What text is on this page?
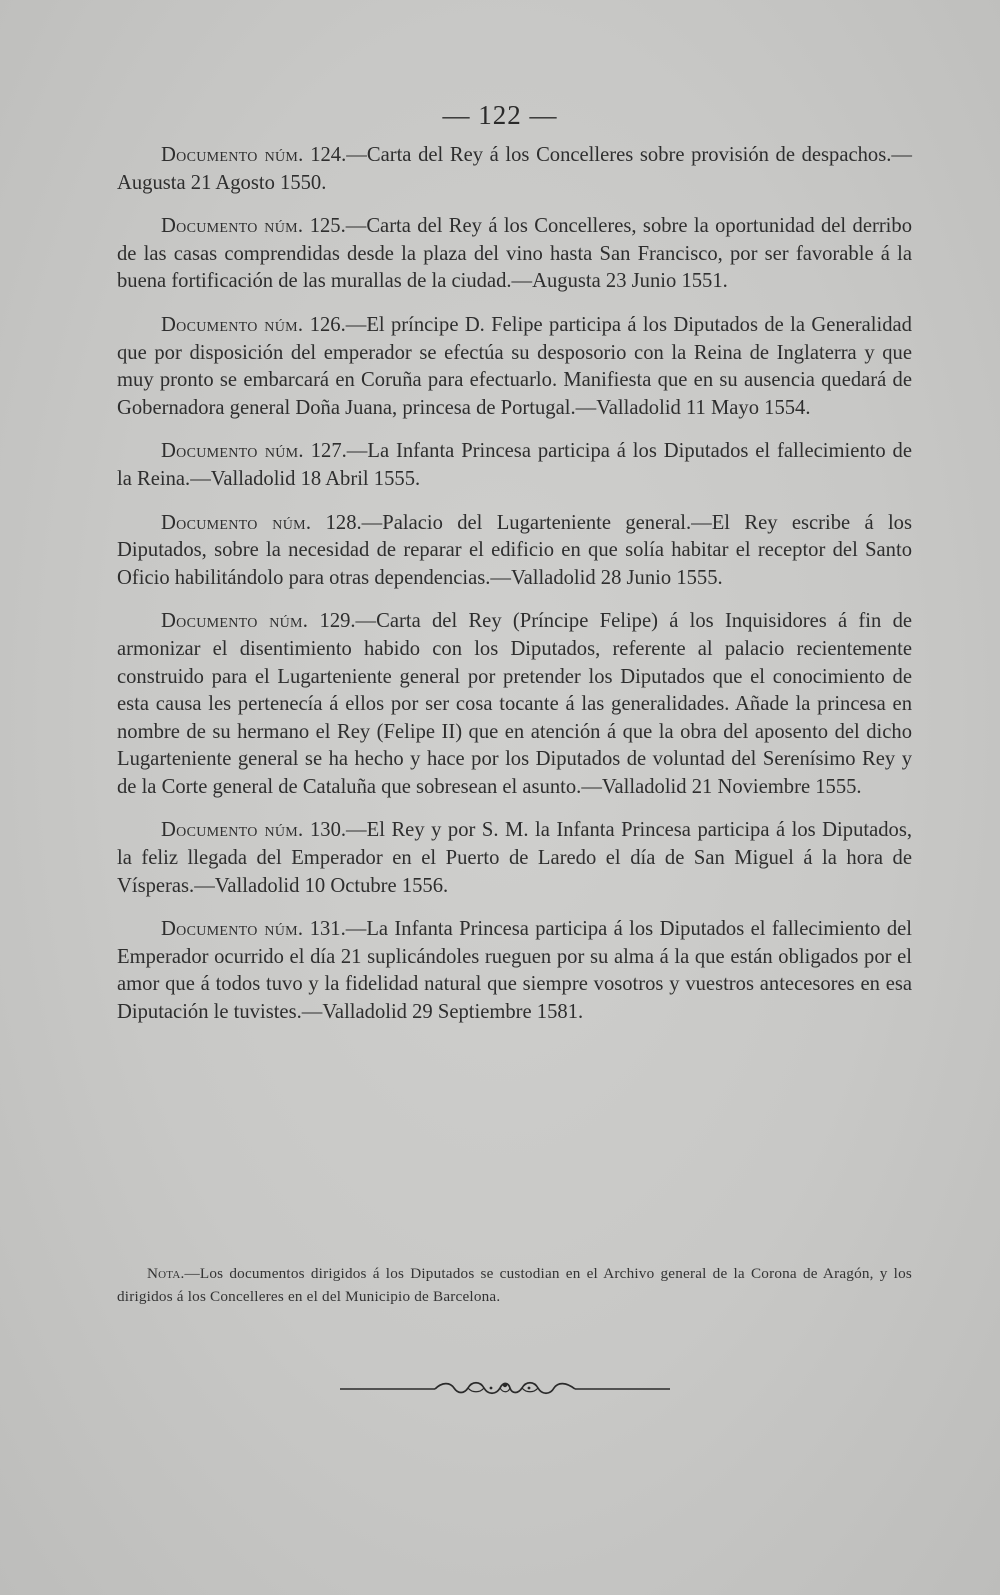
— 122 —

Documento núm. 124.—Carta del Rey á los Concelleres sobre provisión de despachos.—Augusta 21 Agosto 1550.

Documento núm. 125.—Carta del Rey á los Concelleres, sobre la oportunidad del derribo de las casas comprendidas desde la plaza del vino hasta San Francisco, por ser favorable á la buena fortificación de las murallas de la ciudad.—Augusta 23 Junio 1551.

Documento núm. 126.—El príncipe D. Felipe participa á los Diputados de la Generalidad que por disposición del emperador se efectúa su desposorio con la Reina de Inglaterra y que muy pronto se embarcará en Coruña para efectuarlo. Manifiesta que en su ausencia quedará de Gobernadora general Doña Juana, princesa de Portugal.—Valladolid 11 Mayo 1554.

Documento núm. 127.—La Infanta Princesa participa á los Diputados el fallecimiento de la Reina.—Valladolid 18 Abril 1555.

Documento núm. 128.—Palacio del Lugarteniente general.—El Rey escribe á los Diputados, sobre la necesidad de reparar el edificio en que solía habitar el receptor del Santo Oficio habilitándolo para otras dependencias.—Valladolid 28 Junio 1555.

Documento núm. 129.—Carta del Rey (Príncipe Felipe) á los Inquisidores á fin de armonizar el disentimiento habido con los Diputados, referente al palacio recientemente construido para el Lugarteniente general por pretender los Diputados que el conocimiento de esta causa les pertenecía á ellos por ser cosa tocante á las generalidades. Añade la princesa en nombre de su hermano el Rey (Felipe II) que en atención á que la obra del aposento del dicho Lugarteniente general se ha hecho y hace por los Diputados de voluntad del Serenísimo Rey y de la Corte general de Cataluña que sobresean el asunto.—Valladolid 21 Noviembre 1555.

Documento núm. 130.—El Rey y por S. M. la Infanta Princesa participa á los Diputados, la feliz llegada del Emperador en el Puerto de Laredo el día de San Miguel á la hora de Vísperas.—Valladolid 10 Octubre 1556.

Documento núm. 131.—La Infanta Princesa participa á los Diputados el fallecimiento del Emperador ocurrido el día 21 suplicándoles rueguen por su alma á la que están obligados por el amor que á todos tuvo y la fidelidad natural que siempre vosotros y vuestros antecesores en esa Diputación le tuvistes.—Valladolid 29 Septiembre 1581.

Nota.—Los documentos dirigidos á los Diputados se custodian en el Archivo general de la Corona de Aragón, y los dirigidos á los Concelleres en el del Municipio de Barcelona.
